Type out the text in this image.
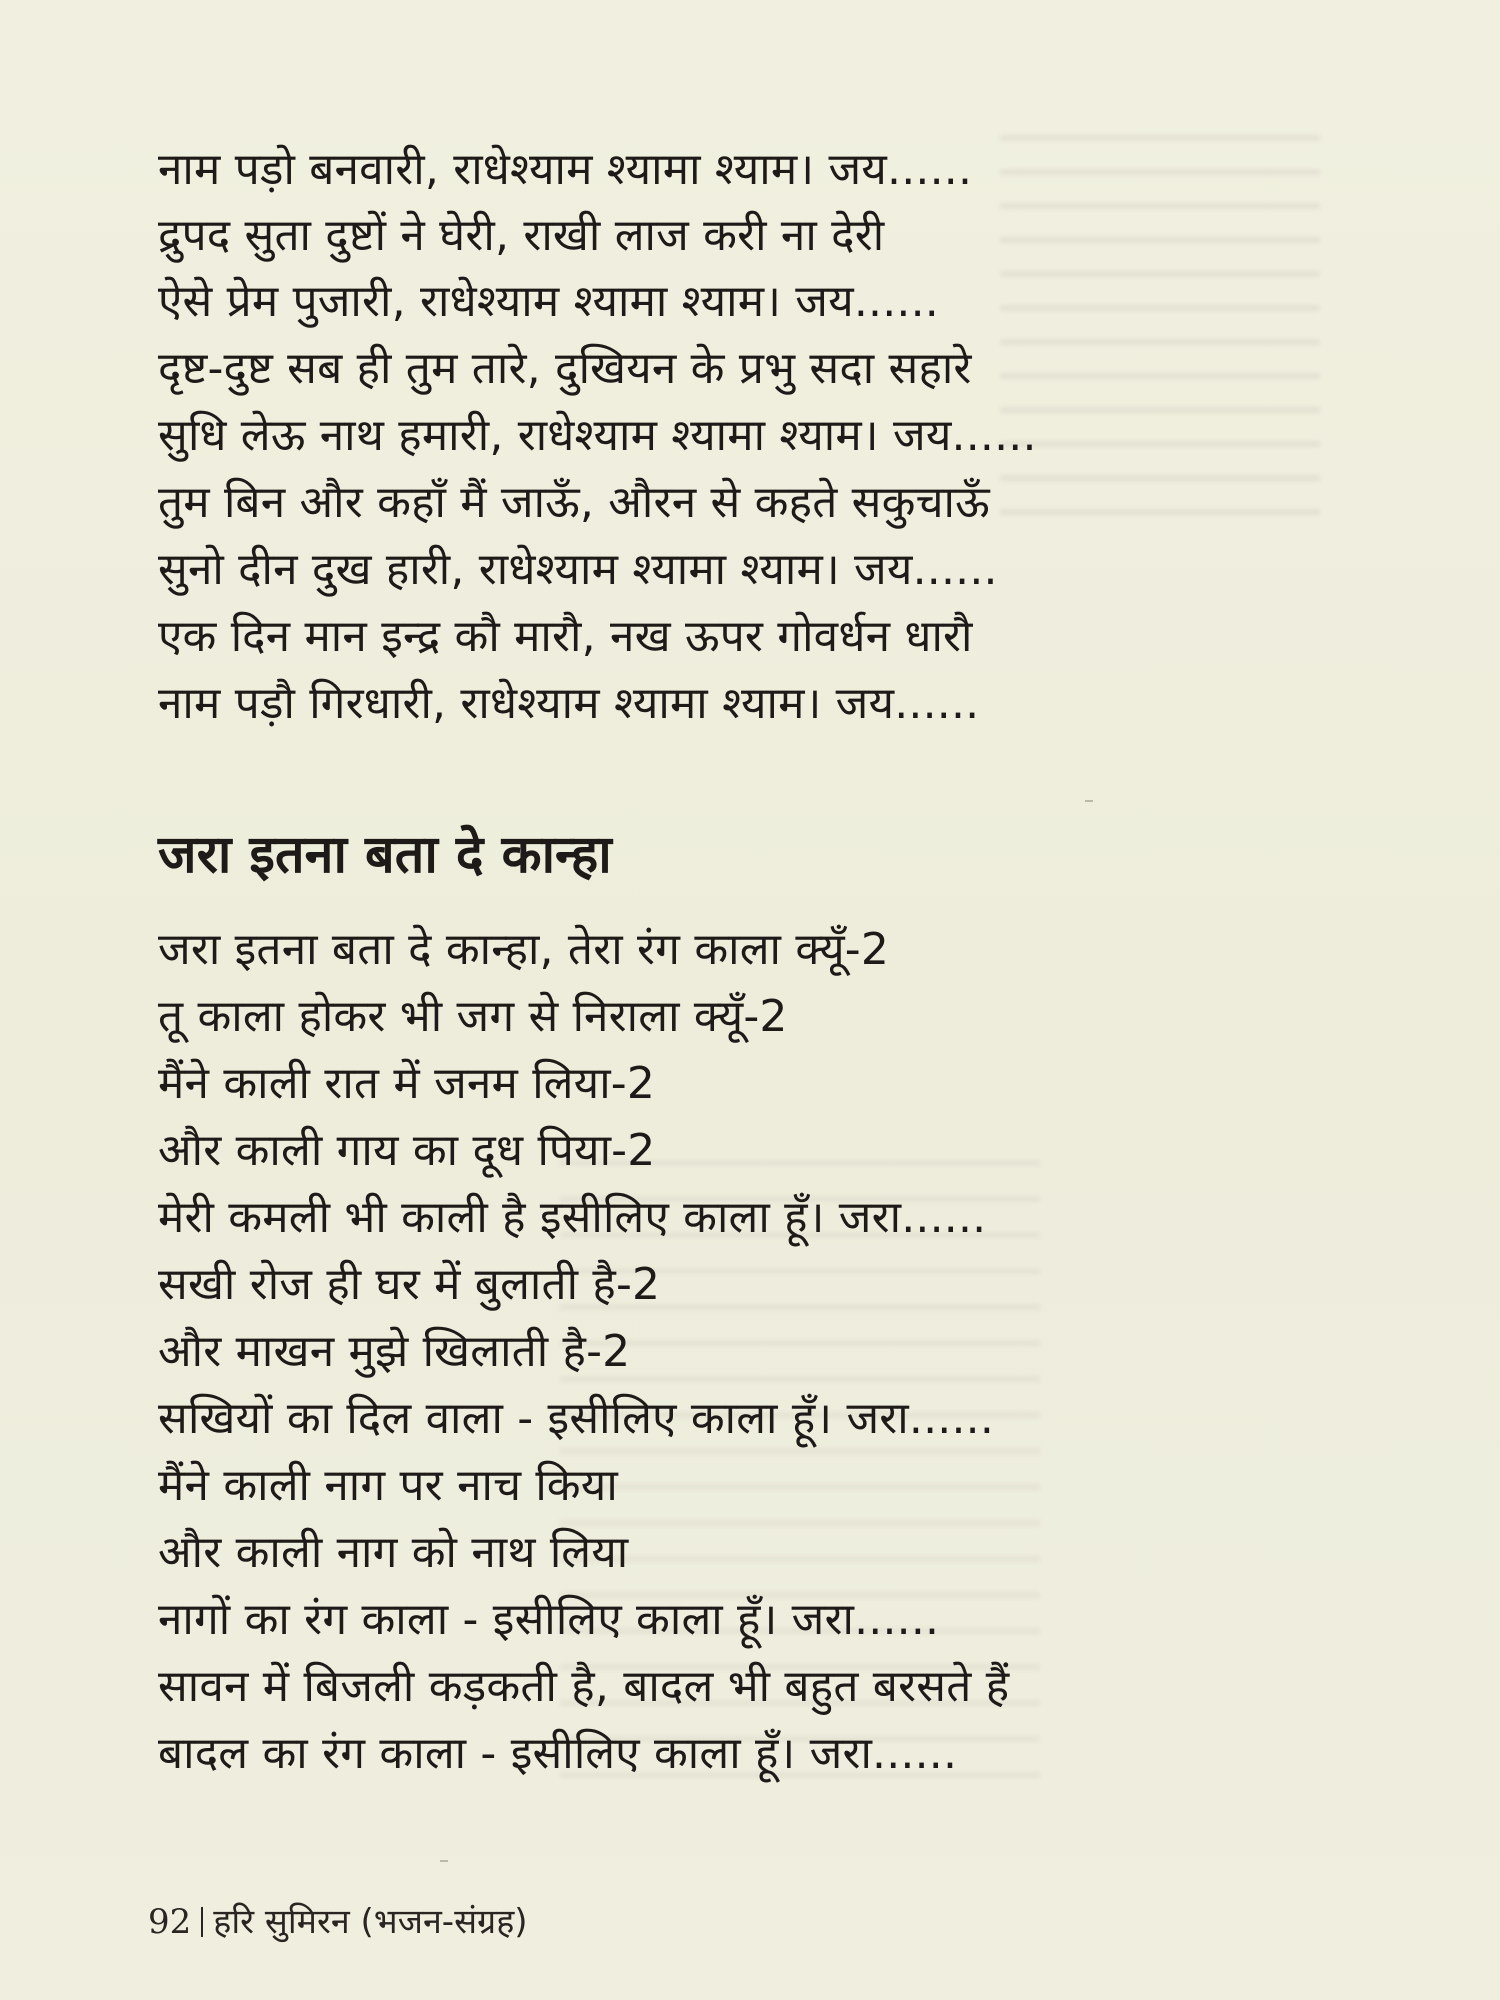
नाम पड़ो बनवारी, राधेश्याम श्यामा श्याम। जय......
द्रुपद सुता दुष्टों ने घेरी, राखी लाज करी ना देरी
ऐसे प्रेम पुजारी, राधेश्याम श्यामा श्याम। जय......
दृष्ट-दुष्ट सब ही तुम तारे, दुखियन के प्रभु सदा सहारे
सुधि लेऊ नाथ हमारी, राधेश्याम श्यामा श्याम। जय......
तुम बिन और कहाँ मैं जाऊँ, औरन से कहते सकुचाऊँ
सुनो दीन दुख हारी, राधेश्याम श्यामा श्याम। जय......
एक दिन मान इन्द्र कौ मारौ, नख ऊपर गोवर्धन धारौ
नाम पड़ौ गिरधारी, राधेश्याम श्यामा श्याम। जय......
जरा इतना बता दे कान्हा
जरा इतना बता दे कान्हा, तेरा रंग काला क्यूँ-2
तू काला होकर भी जग से निराला क्यूँ-2
मैंने काली रात में जनम लिया-2
और काली गाय का दूध पिया-2
मेरी कमली भी काली है इसीलिए काला हूँ। जरा......
सखी रोज ही घर में बुलाती है-2
और माखन मुझे खिलाती है-2
सखियों का दिल वाला - इसीलिए काला हूँ। जरा......
मैंने काली नाग पर नाच किया
और काली नाग को नाथ लिया
नागों का रंग काला - इसीलिए काला हूँ। जरा......
सावन में बिजली कड़कती है, बादल भी बहुत बरसते हैं
बादल का रंग काला - इसीलिए काला हूँ। जरा......
92 हरि सुमिरन (भजन-संग्रह)
